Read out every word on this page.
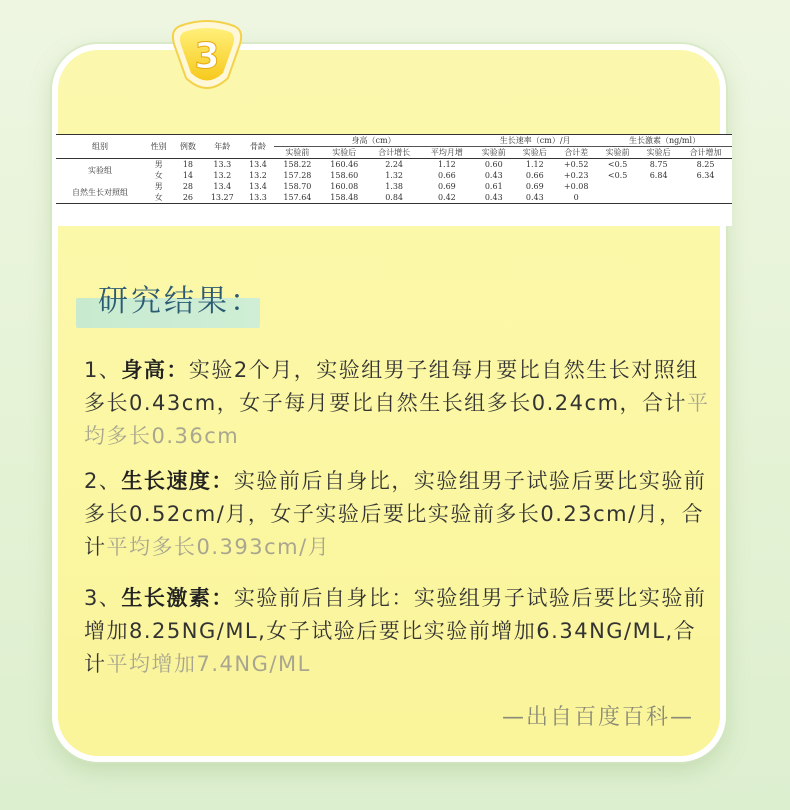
3
组别	性别	例数	年龄	骨龄	身高（cm）				生长速率（cm）/月			生长激素（ng/ml）		
					实验前	实验后	合计增长	平均月增	实验前	实验后	合计差	实验前	实验后	合计增加
实验组	男	18	13.3	13.4	158.22	160.46	2.24	1.12	0.60	1.12	+0.52	<0.5	8.75	8.25
	女	14	13.2	13.2	157.28	158.60	1.32	0.66	0.43	0.66	+0.23	<0.5	6.84	6.34
自然生长对照组	男	28	13.4	13.4	158.70	160.08	1.38	0.69	0.61	0.69	+0.08			
	女	26	13.27	13.3	157.64	158.48	0.84	0.42	0.43	0.43	0			
研究结果：
1、身高：实验2个月，实验组男子组每月要比自然生长对照组多长0.43cm，女子每月要比自然生长组多长0.24cm，合计平均多长0.36cm
2、生长速度：实验前后自身比，实验组男子试验后要比实验前多长0.52cm/月，女子实验后要比实验前多长0.23cm/月，合计平均多长0.393cm/月
3、生长激素：实验前后自身比：实验组男子试验后要比实验前增加8.25NG/ML,女子试验后要比实验前增加6.34NG/ML,合计平均增加7.4NG/ML
—出自百度百科—
